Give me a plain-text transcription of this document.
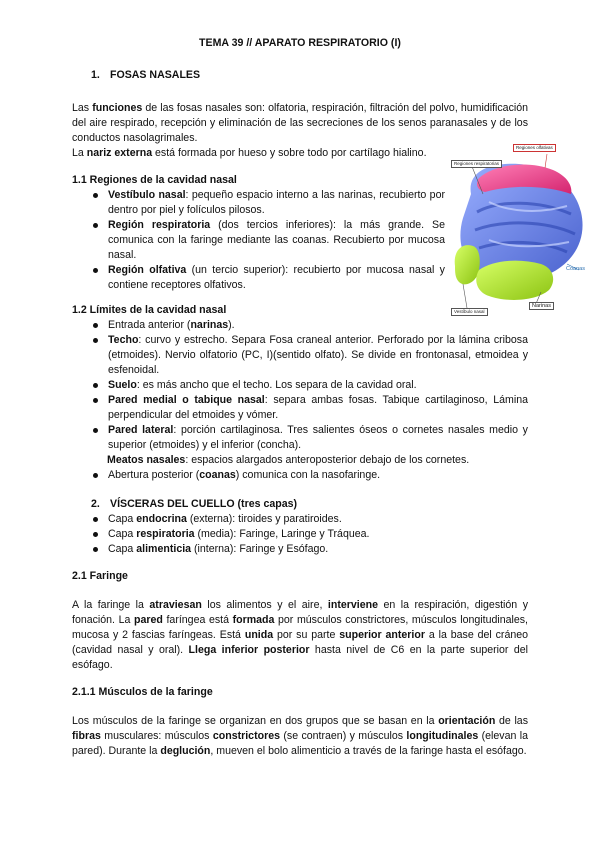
TEMA 39 // APARATO RESPIRATORIO (I)
1. FOSAS NASALES

Las funciones de las fosas nasales son: olfatoria, respiración, filtración del polvo, humidificación del aire respirado, recepción y eliminación de las secreciones de los senos paranasales y de los conductos nasolagrimales.

La nariz externa está formada por hueso y sobre todo por cartílago hialino.

1.1 Regiones de la cavidad nasal
Vestíbulo nasal: pequeño espacio interno a las narinas, recubierto por dentro por piel y folículos pilosos.
Región respiratoria (dos tercios inferiores): la más grande. Se comunica con la faringe mediante las coanas. Recubierto por mucosa nasal.
Región olfativa (un tercio superior): recubierto por mucosa nasal y contiene receptores olfativos.
1.2 Límites de la cavidad nasal
Entrada anterior (narinas).
Techo: curvo y estrecho. Separa Fosa craneal anterior. Perforado por la lámina cribosa (etmoides). Nervio olfatorio (PC, I)(sentido olfato). Se divide en frontonasal, etmoidea y esfenoidal.
Suelo: es más ancho que el techo. Los separa de la cavidad oral.
Pared medial o tabique nasal: separa ambas fosas. Tabique cartilaginoso, Lámina perpendicular del etmoides y vómer.
Pared lateral: porción cartilaginosa. Tres salientes óseos o cornetes nasales medio y superior (etmoides) y el inferior (concha).
- Meatos nasales: espacios alargados anteroposterior debajo de los cornetes.
Abertura posterior (coanas) comunica con la nasofaringe.
2. VÍSCERAS DEL CUELLO (tres capas)
Capa endocrina (externa): tiroides y paratiroides.
Capa respiratoria (media): Faringe, Laringe y Tráquea.
Capa alimenticia (interna): Faringe y Esófago.
2.1 Faringe

A la faringe la atraviesan los alimentos y el aire, interviene en la respiración, digestión y fonación. La pared faríngea está formada por músculos constrictores, músculos longitudinales, mucosa y 2 fascias faríngeas. Está unida por su parte superior anterior a la base del cráneo (cavidad nasal y oral). Llega inferior posterior hasta nivel de C6 en la parte superior del esófago.

2.1.1 Músculos de la faringe

Los músculos de la faringe se organizan en dos grupos que se basan en la orientación de las fibras musculares: músculos constrictores (se contraen) y músculos longitudinales (elevan la pared). Durante la deglución, mueven el bolo alimenticio a través de la faringe hasta el esófago.

Regiones olfativas
Regiones respiratorias
Coanas
Narinas
Vestíbulo nasal
